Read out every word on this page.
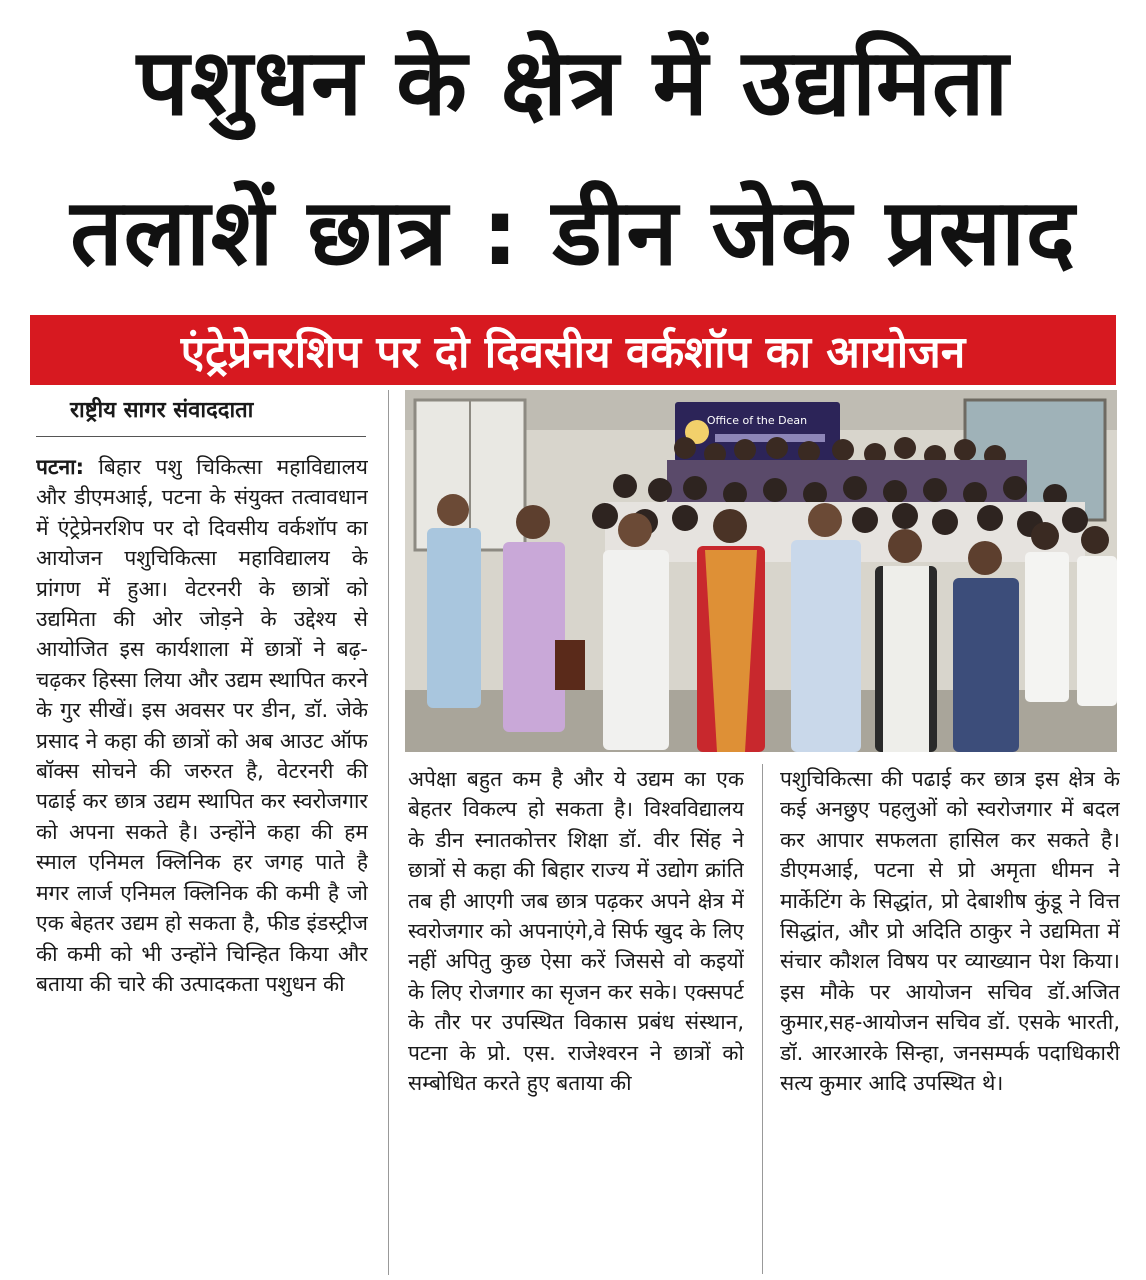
पशुधन के क्षेत्र में उद्यमिता
तलाशें छात्र : डीन जेके प्रसाद
एंट्रेप्रेनरशिप पर दो दिवसीय वर्कशॉप का आयोजन
राष्ट्रीय सागर संवाददाता
पटना: बिहार पशु चिकित्सा महाविद्यालय और डीएमआई, पटना के संयुक्त तत्वावधान में एंट्रेप्रेनरशिप पर दो दिवसीय वर्कशॉप का आयोजन पशुचिकित्सा महाविद्यालय के प्रांगण में हुआ। वेटरनरी के छात्रों को उद्यमिता की ओर जोड़ने के उद्देश्य से आयोजित इस कार्यशाला में छात्रों ने बढ़-चढ़कर हिस्सा लिया और उद्यम स्थापित करने के गुर सीखें। इस अवसर पर डीन, डॉ. जेके प्रसाद ने कहा की छात्रों को अब आउट ऑफ बॉक्स सोचने की जरुरत है, वेटरनरी की पढाई कर छात्र उद्यम स्थापित कर स्वरोजगार को अपना सकते है। उन्होंने कहा की हम स्माल एनिमल क्लिनिक हर जगह पाते है मगर लार्ज एनिमल क्लिनिक की कमी है जो एक बेहतर उद्यम हो सकता है, फीड इंडस्ट्रीज की कमी को भी उन्होंने चिन्हित किया और बताया की चारे की उत्पादकता पशुधन की
Office of the Dean
अपेक्षा बहुत कम है और ये उद्यम का एक बेहतर विकल्प हो सकता है। विश्वविद्यालय के डीन स्नातकोत्तर शिक्षा डॉ. वीर सिंह ने छात्रों से कहा की बिहार राज्य में उद्योग क्रांति तब ही आएगी जब छात्र पढ़कर अपने क्षेत्र में स्वरोजगार को अपनाएंगे,वे सिर्फ खुद के लिए नहीं अपितु कुछ ऐसा करें जिससे वो कइयों के लिए रोजगार का सृजन कर सके। एक्सपर्ट के तौर पर उपस्थित विकास प्रबंध संस्थान, पटना के प्रो. एस. राजेश्वरन ने छात्रों को सम्बोधित करते हुए बताया की
पशुचिकित्सा की पढाई कर छात्र इस क्षेत्र के कई अनछुए पहलुओं को स्वरोजगार में बदल कर आपार सफलता हासिल कर सकते है। डीएमआई, पटना से प्रो अमृता धीमन ने मार्केटिंग के सिद्धांत, प्रो देबाशीष कुंडू ने वित्त सिद्धांत, और प्रो अदिति ठाकुर ने उद्यमिता में संचार कौशल विषय पर व्याख्यान पेश किया। इस मौके पर आयोजन सचिव डॉ.अजित कुमार,सह-आयोजन सचिव डॉ. एसके भारती, डॉ. आरआरके सिन्हा, जनसम्पर्क पदाधिकारी सत्य कुमार आदि उपस्थित थे।
